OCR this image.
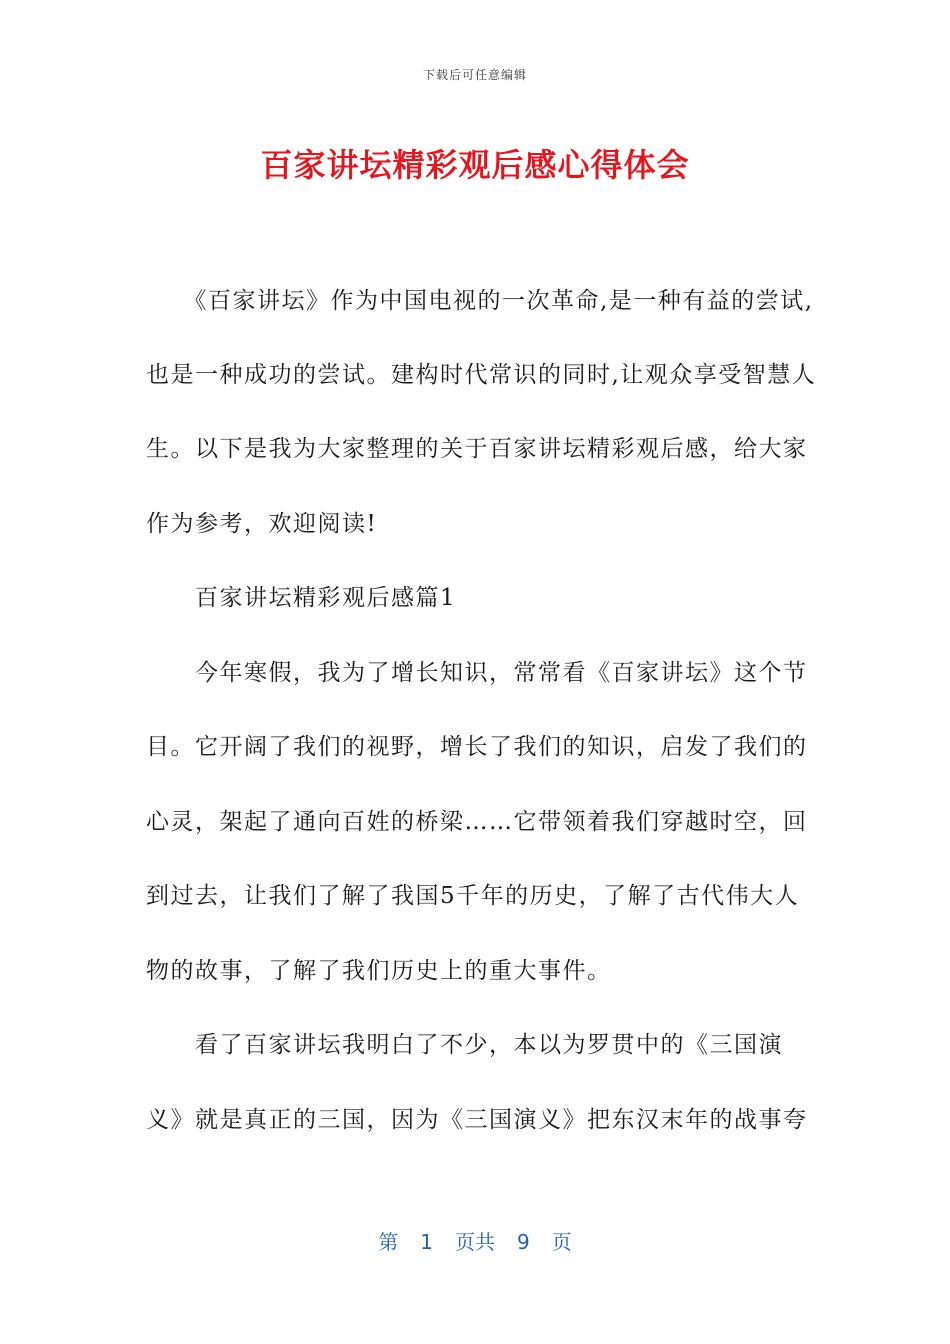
下载后可任意编辑
百家讲坛精彩观后感心得体会
　　《百家讲坛》作为中国电视的一次革命,是一种有益的尝试,
也是一种成功的尝试。建构时代常识的同时,让观众享受智慧人
生。以下是我为大家整理的关于百家讲坛精彩观后感，给大家
作为参考，欢迎阅读!
　　百家讲坛精彩观后感篇1
　　今年寒假，我为了增长知识，常常看《百家讲坛》这个节
目。它开阔了我们的视野，增长了我们的知识，启发了我们的
心灵，架起了通向百姓的桥梁……它带领着我们穿越时空，回
到过去，让我们了解了我国5千年的历史，了解了古代伟大人
物的故事，了解了我们历史上的重大事件。
　　看了百家讲坛我明白了不少，本以为罗贯中的《三国演
义》就是真正的三国，因为《三国演义》把东汉末年的战事夸
第 1 页共 9 页
